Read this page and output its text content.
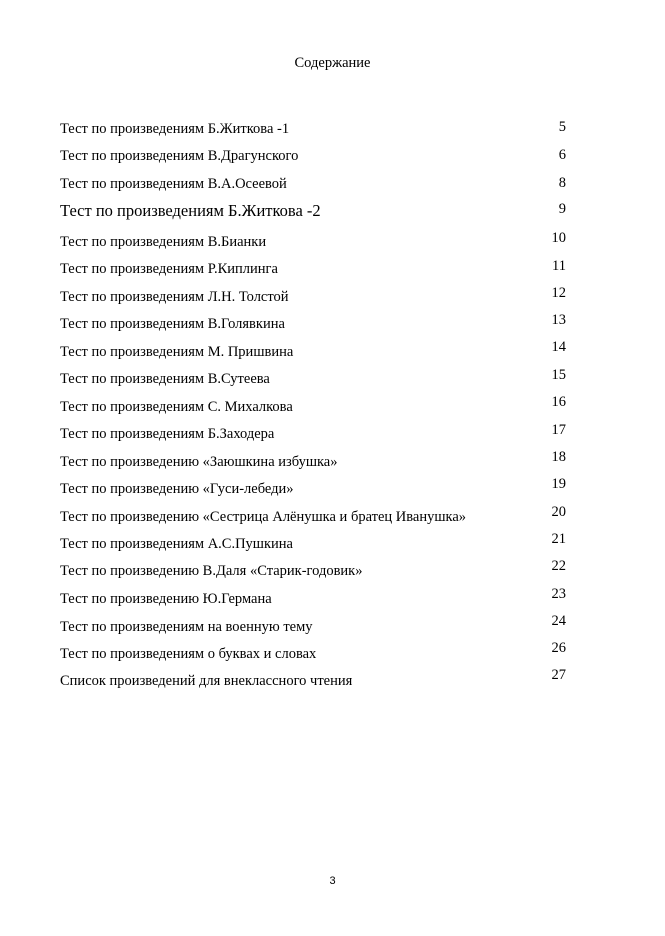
Содержание
Тест по произведениям Б.Житкова -1	5
Тест по произведениям В.Драгунского	6
Тест по произведениям В.А.Осеевой	8
Тест по произведениям Б.Житкова -2	9
Тест по произведениям В.Бианки	10
Тест по произведениям Р.Киплинга	11
Тест по произведениям Л.Н. Толстой	12
Тест по произведениям В.Голявкина	13
Тест по произведениям М. Пришвина	14
Тест по произведениям В.Сутеева	15
Тест по произведениям С. Михалкова	16
Тест по произведениям Б.Заходера	17
Тест по произведению «Заюшкина избушка»	18
Тест по произведению «Гуси-лебеди»	19
Тест по произведению «Сестрица Алёнушка и братец Иванушка»	20
Тест по произведениям А.С.Пушкина	21
Тест по произведению В.Даля «Старик-годовик»	22
Тест по произведению Ю.Германа	23
Тест по произведениям на военную тему	24
Тест по произведениям о буквах и словах	26
Список произведений для внеклассного чтения	27
3
